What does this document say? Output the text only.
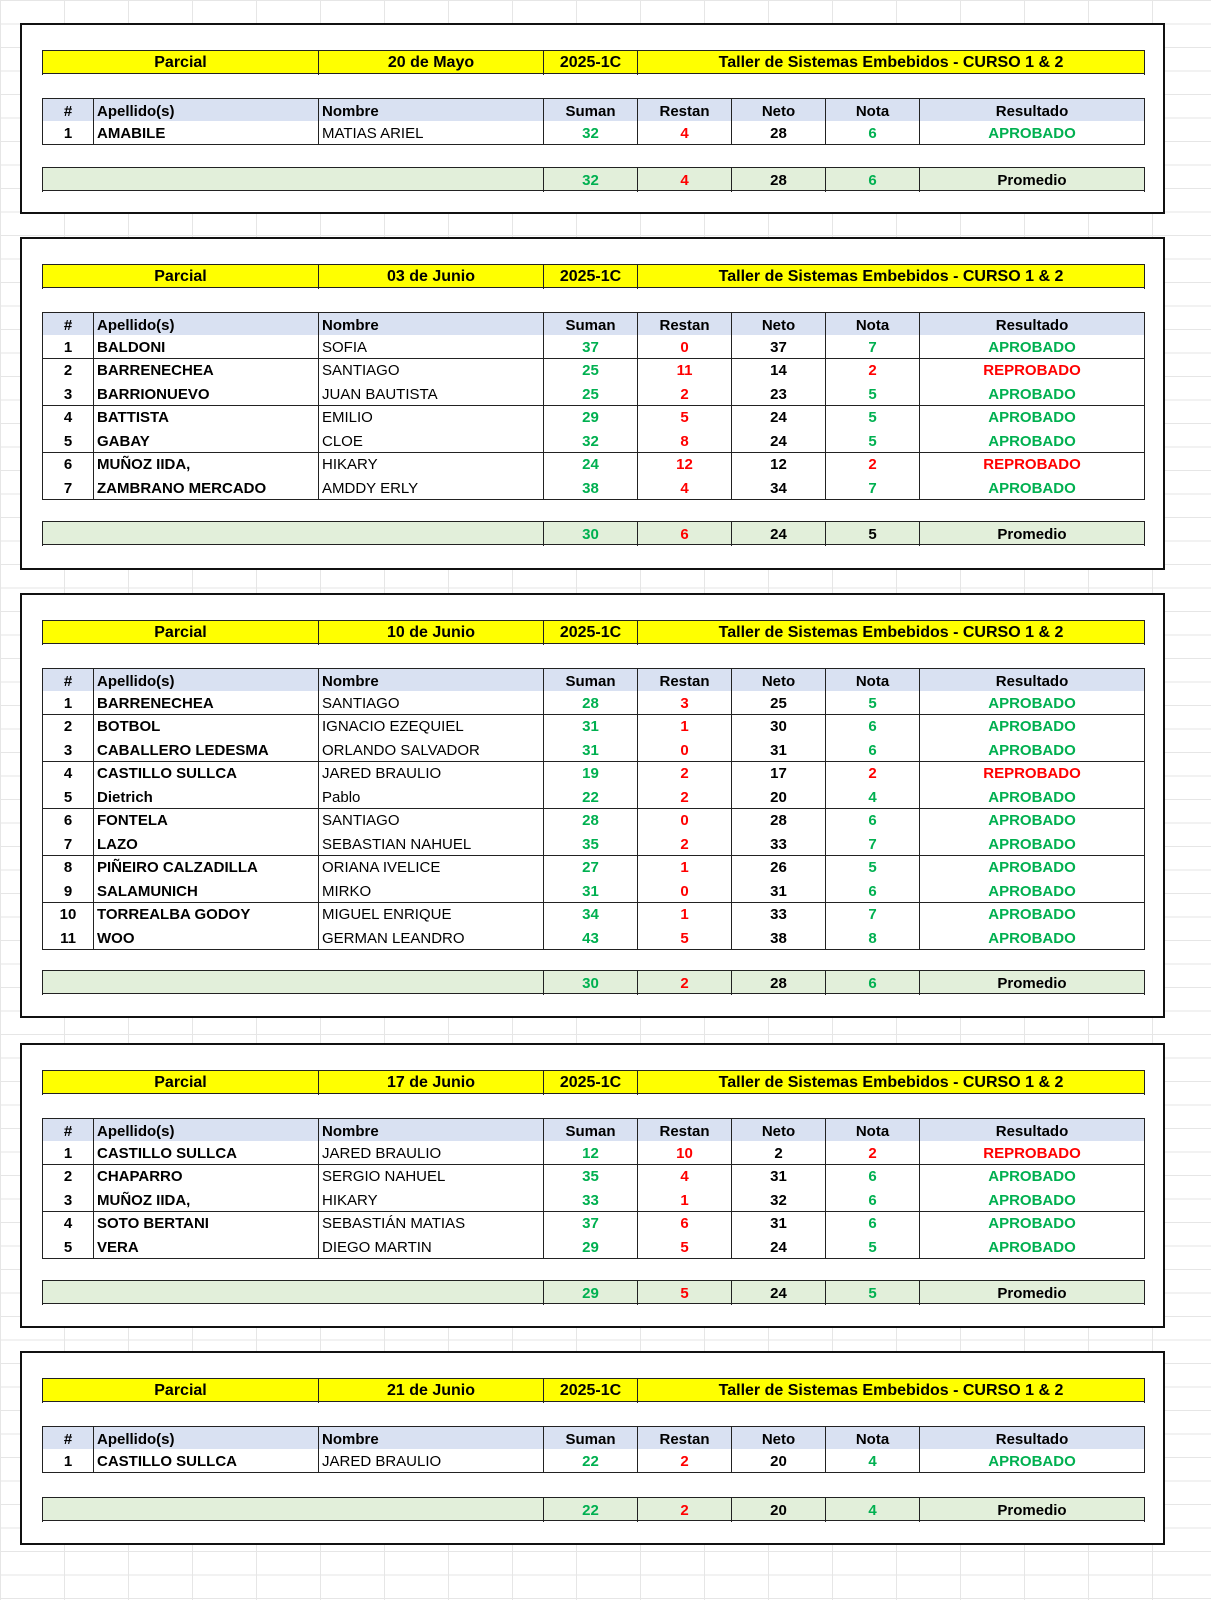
Parcial	20 de Mayo	2025-1C	Taller de Sistemas Embebidos - CURSO 1 & 2
#	Apellido(s)	Nombre	Suman	Restan	Neto	Nota	Resultado
1	AMABILE	MATIAS ARIEL	32	4	28	6	APROBADO
32	4	28	6	Promedio
Parcial	03 de Junio	2025-1C	Taller de Sistemas Embebidos - CURSO 1 & 2
#	Apellido(s)	Nombre	Suman	Restan	Neto	Nota	Resultado
1	BALDONI	SOFIA	37	0	37	7	APROBADO
2	BARRENECHEA	SANTIAGO	25	11	14	2	REPROBADO
3	BARRIONUEVO	JUAN BAUTISTA	25	2	23	5	APROBADO
4	BATTISTA	EMILIO	29	5	24	5	APROBADO
5	GABAY	CLOE	32	8	24	5	APROBADO
6	MUÑOZ IIDA,	HIKARY	24	12	12	2	REPROBADO
7	ZAMBRANO MERCADO	AMDDY ERLY	38	4	34	7	APROBADO
30	6	24	5	Promedio
Parcial	10 de Junio	2025-1C	Taller de Sistemas Embebidos - CURSO 1 & 2
#	Apellido(s)	Nombre	Suman	Restan	Neto	Nota	Resultado
1	BARRENECHEA	SANTIAGO	28	3	25	5	APROBADO
2	BOTBOL	IGNACIO EZEQUIEL	31	1	30	6	APROBADO
3	CABALLERO LEDESMA	ORLANDO SALVADOR	31	0	31	6	APROBADO
4	CASTILLO SULLCA	JARED BRAULIO	19	2	17	2	REPROBADO
5	Dietrich	Pablo	22	2	20	4	APROBADO
6	FONTELA	SANTIAGO	28	0	28	6	APROBADO
7	LAZO	SEBASTIAN NAHUEL	35	2	33	7	APROBADO
8	PIÑEIRO CALZADILLA	ORIANA IVELICE	27	1	26	5	APROBADO
9	SALAMUNICH	MIRKO	31	0	31	6	APROBADO
10	TORREALBA GODOY	MIGUEL ENRIQUE	34	1	33	7	APROBADO
11	WOO	GERMAN LEANDRO	43	5	38	8	APROBADO
30	2	28	6	Promedio
Parcial	17 de Junio	2025-1C	Taller de Sistemas Embebidos - CURSO 1 & 2
#	Apellido(s)	Nombre	Suman	Restan	Neto	Nota	Resultado
1	CASTILLO SULLCA	JARED BRAULIO	12	10	2	2	REPROBADO
2	CHAPARRO	SERGIO NAHUEL	35	4	31	6	APROBADO
3	MUÑOZ IIDA,	HIKARY	33	1	32	6	APROBADO
4	SOTO BERTANI	SEBASTIÁN MATIAS	37	6	31	6	APROBADO
5	VERA	DIEGO MARTIN	29	5	24	5	APROBADO
29	5	24	5	Promedio
Parcial	21 de Junio	2025-1C	Taller de Sistemas Embebidos - CURSO 1 & 2
#	Apellido(s)	Nombre	Suman	Restan	Neto	Nota	Resultado
1	CASTILLO SULLCA	JARED BRAULIO	22	2	20	4	APROBADO
22	2	20	4	Promedio
